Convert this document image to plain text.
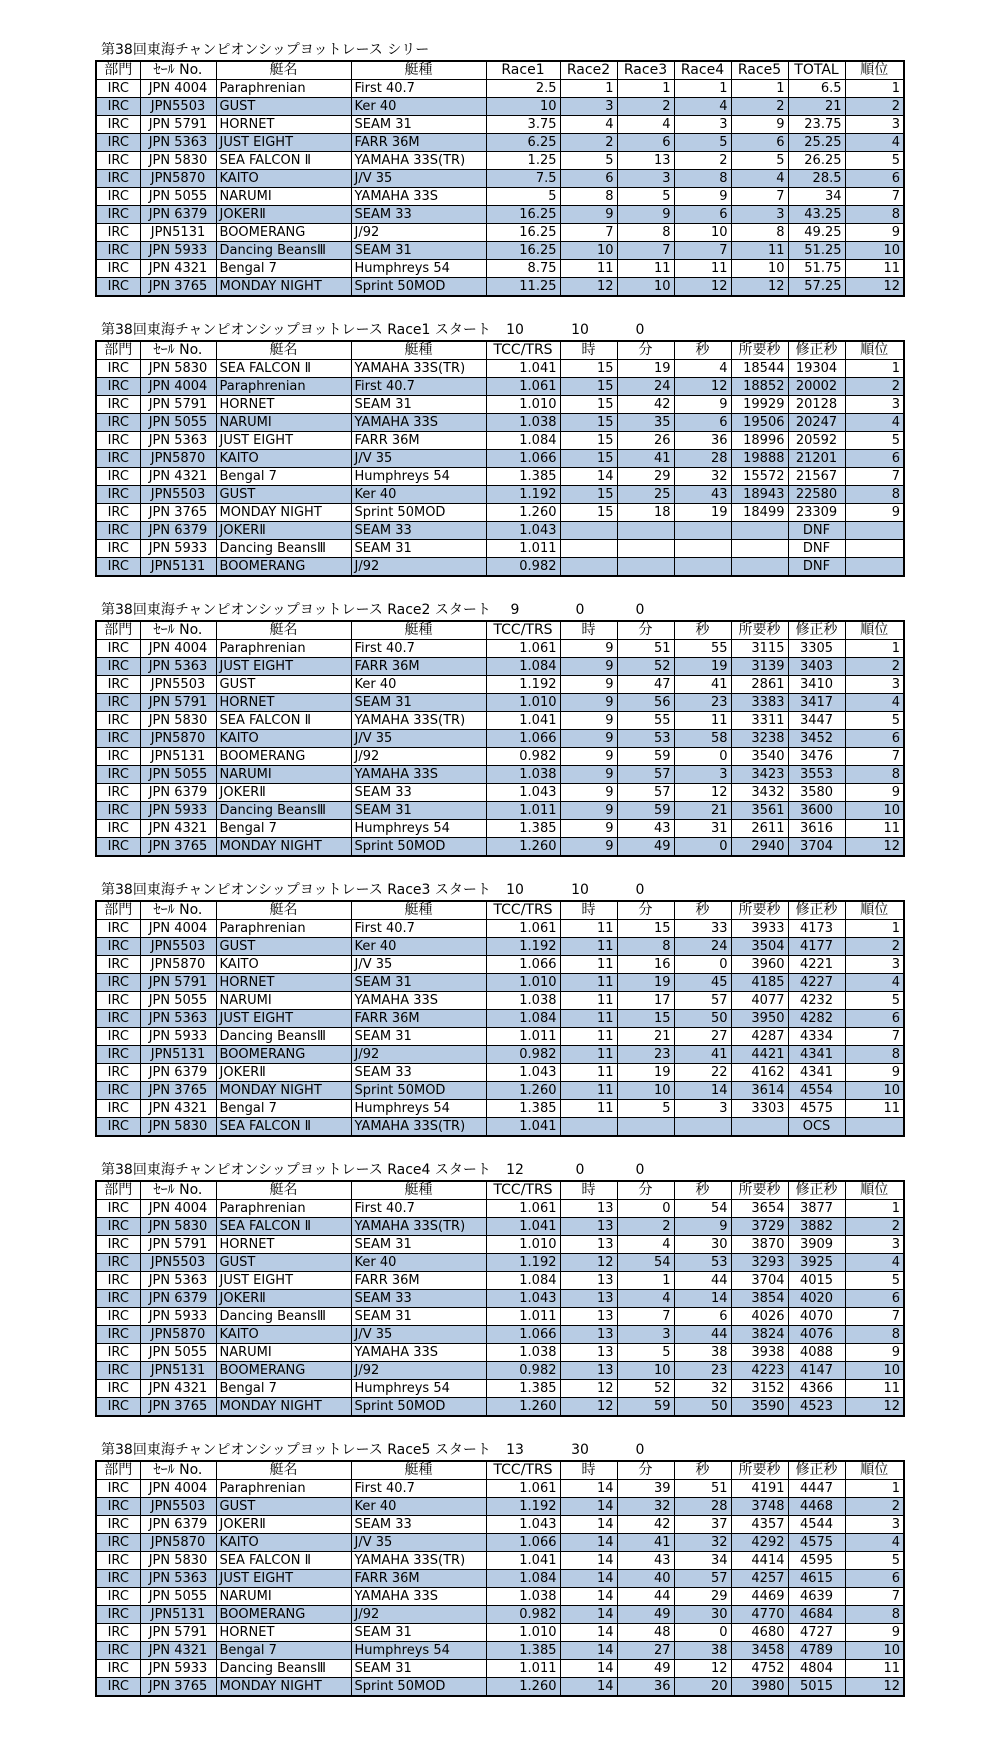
第38回東海チャンピオンシップヨットレース シリー
部門	ｾｰﾙ No.	艇名	艇種	Race1	Race2	Race3	Race4	Race5	TOTAL	順位
IRC	JPN 4004	Paraphrenian	First 40.7	2.5	1	1	1	1	6.5	1
IRC	JPN5503	GUST	Ker 40	10	3	2	4	2	21	2
IRC	JPN 5791	HORNET	SEAM 31	3.75	4	4	3	9	23.75	3
IRC	JPN 5363	JUST EIGHT	FARR 36M	6.25	2	6	5	6	25.25	4
IRC	JPN 5830	SEA FALCON Ⅱ	YAMAHA 33S(TR)	1.25	5	13	2	5	26.25	5
IRC	JPN5870	KAITO	J/V 35	7.5	6	3	8	4	28.5	6
IRC	JPN 5055	NARUMI	YAMAHA 33S	5	8	5	9	7	34	7
IRC	JPN 6379	JOKERⅡ	SEAM 33	16.25	9	9	6	3	43.25	8
IRC	JPN5131	BOOMERANG	J/92	16.25	7	8	10	8	49.25	9
IRC	JPN 5933	Dancing BeansⅢ	SEAM 31	16.25	10	7	7	11	51.25	10
IRC	JPN 4321	Bengal 7	Humphreys 54	8.75	11	11	11	10	51.75	11
IRC	JPN 3765	MONDAY NIGHT	Sprint 50MOD	11.25	12	10	12	12	57.25	12
第38回東海チャンピオンシップヨットレース Race1 スタート	10	10	0
部門	ｾｰﾙ No.	艇名	艇種	TCC/TRS	時	分	秒	所要秒	修正秒	順位
IRC	JPN 5830	SEA FALCON Ⅱ	YAMAHA 33S(TR)	1.041	15	19	4	18544	19304	1
IRC	JPN 4004	Paraphrenian	First 40.7	1.061	15	24	12	18852	20002	2
IRC	JPN 5791	HORNET	SEAM 31	1.010	15	42	9	19929	20128	3
IRC	JPN 5055	NARUMI	YAMAHA 33S	1.038	15	35	6	19506	20247	4
IRC	JPN 5363	JUST EIGHT	FARR 36M	1.084	15	26	36	18996	20592	5
IRC	JPN5870	KAITO	J/V 35	1.066	15	41	28	19888	21201	6
IRC	JPN 4321	Bengal 7	Humphreys 54	1.385	14	29	32	15572	21567	7
IRC	JPN5503	GUST	Ker 40	1.192	15	25	43	18943	22580	8
IRC	JPN 3765	MONDAY NIGHT	Sprint 50MOD	1.260	15	18	19	18499	23309	9
IRC	JPN 6379	JOKERⅡ	SEAM 33	1.043					DNF	
IRC	JPN 5933	Dancing BeansⅢ	SEAM 31	1.011					DNF	
IRC	JPN5131	BOOMERANG	J/92	0.982					DNF	
第38回東海チャンピオンシップヨットレース Race2 スタート	9	0	0
部門	ｾｰﾙ No.	艇名	艇種	TCC/TRS	時	分	秒	所要秒	修正秒	順位
IRC	JPN 4004	Paraphrenian	First 40.7	1.061	9	51	55	3115	3305	1
IRC	JPN 5363	JUST EIGHT	FARR 36M	1.084	9	52	19	3139	3403	2
IRC	JPN5503	GUST	Ker 40	1.192	9	47	41	2861	3410	3
IRC	JPN 5791	HORNET	SEAM 31	1.010	9	56	23	3383	3417	4
IRC	JPN 5830	SEA FALCON Ⅱ	YAMAHA 33S(TR)	1.041	9	55	11	3311	3447	5
IRC	JPN5870	KAITO	J/V 35	1.066	9	53	58	3238	3452	6
IRC	JPN5131	BOOMERANG	J/92	0.982	9	59	0	3540	3476	7
IRC	JPN 5055	NARUMI	YAMAHA 33S	1.038	9	57	3	3423	3553	8
IRC	JPN 6379	JOKERⅡ	SEAM 33	1.043	9	57	12	3432	3580	9
IRC	JPN 5933	Dancing BeansⅢ	SEAM 31	1.011	9	59	21	3561	3600	10
IRC	JPN 4321	Bengal 7	Humphreys 54	1.385	9	43	31	2611	3616	11
IRC	JPN 3765	MONDAY NIGHT	Sprint 50MOD	1.260	9	49	0	2940	3704	12
第38回東海チャンピオンシップヨットレース Race3 スタート	10	10	0
部門	ｾｰﾙ No.	艇名	艇種	TCC/TRS	時	分	秒	所要秒	修正秒	順位
IRC	JPN 4004	Paraphrenian	First 40.7	1.061	11	15	33	3933	4173	1
IRC	JPN5503	GUST	Ker 40	1.192	11	8	24	3504	4177	2
IRC	JPN5870	KAITO	J/V 35	1.066	11	16	0	3960	4221	3
IRC	JPN 5791	HORNET	SEAM 31	1.010	11	19	45	4185	4227	4
IRC	JPN 5055	NARUMI	YAMAHA 33S	1.038	11	17	57	4077	4232	5
IRC	JPN 5363	JUST EIGHT	FARR 36M	1.084	11	15	50	3950	4282	6
IRC	JPN 5933	Dancing BeansⅢ	SEAM 31	1.011	11	21	27	4287	4334	7
IRC	JPN5131	BOOMERANG	J/92	0.982	11	23	41	4421	4341	8
IRC	JPN 6379	JOKERⅡ	SEAM 33	1.043	11	19	22	4162	4341	9
IRC	JPN 3765	MONDAY NIGHT	Sprint 50MOD	1.260	11	10	14	3614	4554	10
IRC	JPN 4321	Bengal 7	Humphreys 54	1.385	11	5	3	3303	4575	11
IRC	JPN 5830	SEA FALCON Ⅱ	YAMAHA 33S(TR)	1.041					OCS	
第38回東海チャンピオンシップヨットレース Race4 スタート	12	0	0
部門	ｾｰﾙ No.	艇名	艇種	TCC/TRS	時	分	秒	所要秒	修正秒	順位
IRC	JPN 4004	Paraphrenian	First 40.7	1.061	13	0	54	3654	3877	1
IRC	JPN 5830	SEA FALCON Ⅱ	YAMAHA 33S(TR)	1.041	13	2	9	3729	3882	2
IRC	JPN 5791	HORNET	SEAM 31	1.010	13	4	30	3870	3909	3
IRC	JPN5503	GUST	Ker 40	1.192	12	54	53	3293	3925	4
IRC	JPN 5363	JUST EIGHT	FARR 36M	1.084	13	1	44	3704	4015	5
IRC	JPN 6379	JOKERⅡ	SEAM 33	1.043	13	4	14	3854	4020	6
IRC	JPN 5933	Dancing BeansⅢ	SEAM 31	1.011	13	7	6	4026	4070	7
IRC	JPN5870	KAITO	J/V 35	1.066	13	3	44	3824	4076	8
IRC	JPN 5055	NARUMI	YAMAHA 33S	1.038	13	5	38	3938	4088	9
IRC	JPN5131	BOOMERANG	J/92	0.982	13	10	23	4223	4147	10
IRC	JPN 4321	Bengal 7	Humphreys 54	1.385	12	52	32	3152	4366	11
IRC	JPN 3765	MONDAY NIGHT	Sprint 50MOD	1.260	12	59	50	3590	4523	12
第38回東海チャンピオンシップヨットレース Race5 スタート	13	30	0
部門	ｾｰﾙ No.	艇名	艇種	TCC/TRS	時	分	秒	所要秒	修正秒	順位
IRC	JPN 4004	Paraphrenian	First 40.7	1.061	14	39	51	4191	4447	1
IRC	JPN5503	GUST	Ker 40	1.192	14	32	28	3748	4468	2
IRC	JPN 6379	JOKERⅡ	SEAM 33	1.043	14	42	37	4357	4544	3
IRC	JPN5870	KAITO	J/V 35	1.066	14	41	32	4292	4575	4
IRC	JPN 5830	SEA FALCON Ⅱ	YAMAHA 33S(TR)	1.041	14	43	34	4414	4595	5
IRC	JPN 5363	JUST EIGHT	FARR 36M	1.084	14	40	57	4257	4615	6
IRC	JPN 5055	NARUMI	YAMAHA 33S	1.038	14	44	29	4469	4639	7
IRC	JPN5131	BOOMERANG	J/92	0.982	14	49	30	4770	4684	8
IRC	JPN 5791	HORNET	SEAM 31	1.010	14	48	0	4680	4727	9
IRC	JPN 4321	Bengal 7	Humphreys 54	1.385	14	27	38	3458	4789	10
IRC	JPN 5933	Dancing BeansⅢ	SEAM 31	1.011	14	49	12	4752	4804	11
IRC	JPN 3765	MONDAY NIGHT	Sprint 50MOD	1.260	14	36	20	3980	5015	12
